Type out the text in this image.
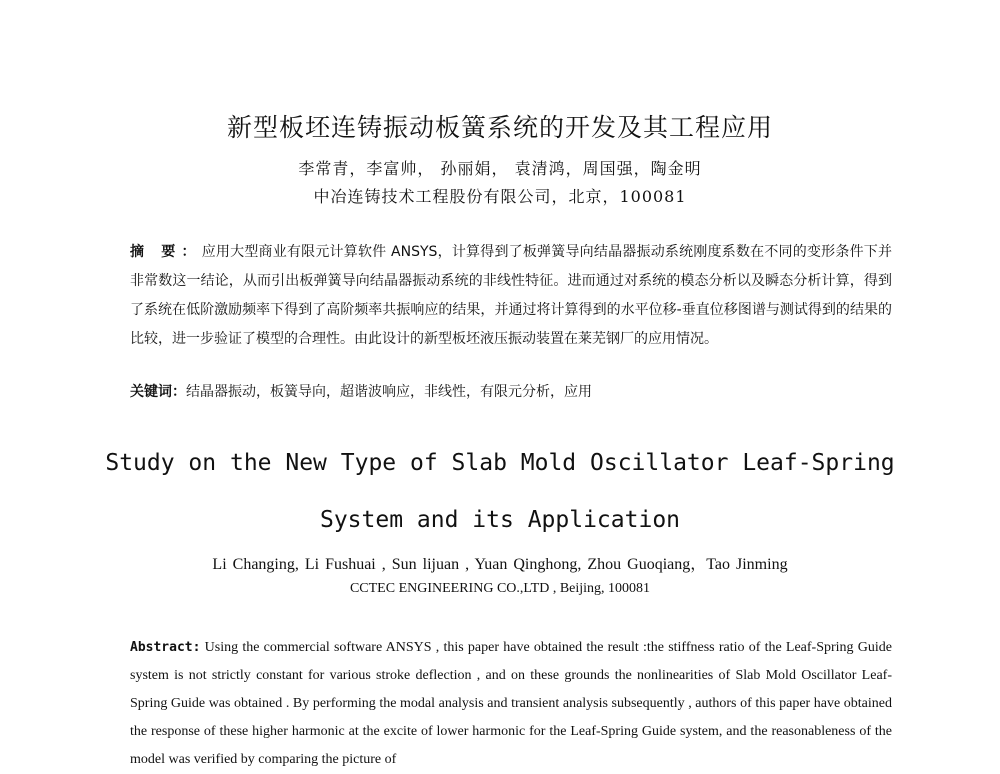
新型板坯连铸振动板簧系统的开发及其工程应用
李常青，李富帅， 孙丽娟， 袁清鸿，周国强，陶金明
中冶连铸技术工程股份有限公司，北京，100081
摘 要：应用大型商业有限元计算软件 ANSYS，计算得到了板弹簧导向结晶器振动系统刚度系数在不同的变形条件下并非常数这一结论，从而引出板弹簧导向结晶器振动系统的非线性特征。进而通过对系统的模态分析以及瞬态分析计算，得到了系统在低阶激励频率下得到了高阶频率共振响应的结果，并通过将计算得到的水平位移-垂直位移图谱与测试得到的结果的比较，进一步验证了模型的合理性。由此设计的新型板坯液压振动装置在莱芜钢厂的应用情况。
关键词：结晶器振动，板簧导向，超谐波响应，非线性，有限元分析，应用
Study on the New Type of Slab Mold Oscillator Leaf-Spring
System and its Application
Li Changing, Li Fushuai , Sun lijuan , Yuan Qinghong, Zhou Guoqiang，Tao Jinming
CCTEC ENGINEERING CO.,LTD , Beijing, 100081
Abstract: Using the commercial software ANSYS , this paper have obtained the result :the stiffness ratio of the Leaf-Spring Guide system is not strictly constant for various stroke deflection , and on these grounds the nonlinearities of Slab Mold Oscillator Leaf-Spring Guide was obtained . By performing the modal analysis and transient analysis subsequently , authors of this paper have obtained the response of these higher harmonic at the excite of lower harmonic for the Leaf-Spring Guide system, and the reasonableness of the model was verified by comparing the picture of
